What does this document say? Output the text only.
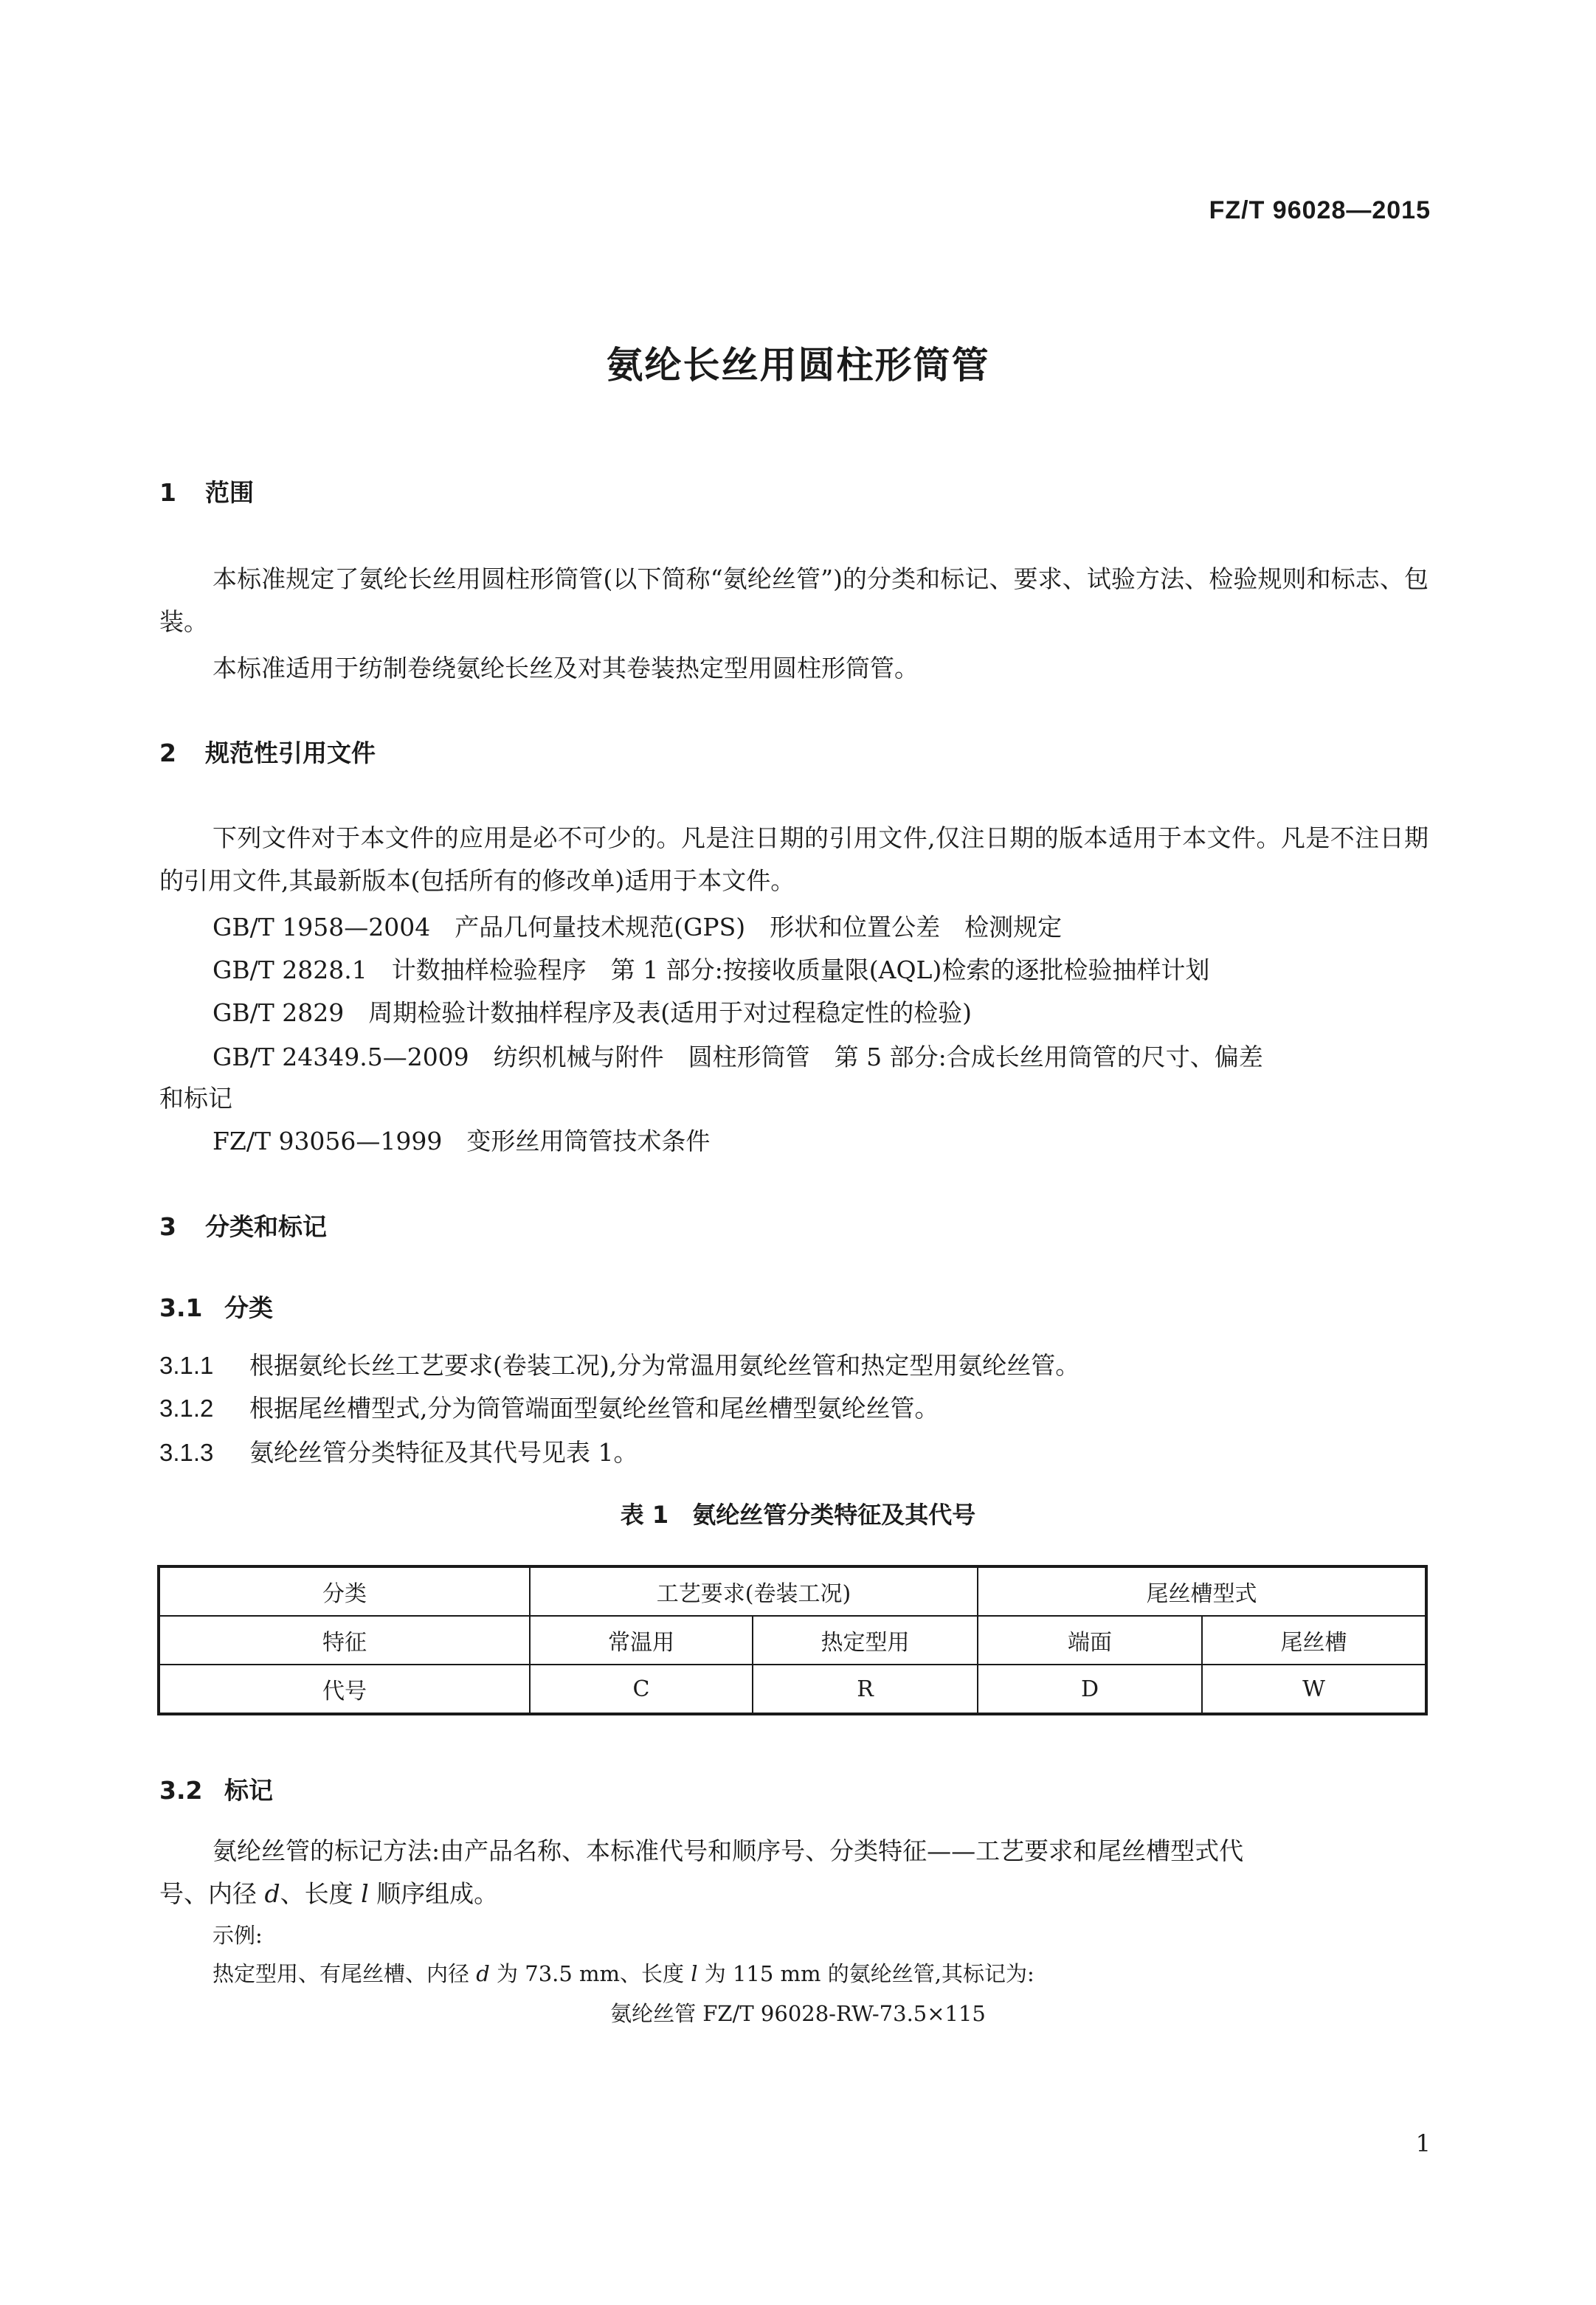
FZ/T 96028—2015
氨纶长丝用圆柱形筒管
1 范围
本标准规定了氨纶长丝用圆柱形筒管(以下简称“氨纶丝管”)的分类和标记、要求、试验方法、检验规则和标志、包装。
本标准适用于纺制卷绕氨纶长丝及对其卷装热定型用圆柱形筒管。
2 规范性引用文件
下列文件对于本文件的应用是必不可少的。凡是注日期的引用文件,仅注日期的版本适用于本文件。凡是不注日期的引用文件,其最新版本(包括所有的修改单)适用于本文件。
GB/T 1958—2004　产品几何量技术规范(GPS)　形状和位置公差　检测规定
GB/T 2828.1　计数抽样检验程序　第 1 部分:按接收质量限(AQL)检索的逐批检验抽样计划
GB/T 2829　周期检验计数抽样程序及表(适用于对过程稳定性的检验)
GB/T 24349.5—2009　纺织机械与附件　圆柱形筒管　第 5 部分:合成长丝用筒管的尺寸、偏差
和标记
FZ/T 93056—1999　变形丝用筒管技术条件
3 分类和标记
3.1 分类
3.1.1 根据氨纶长丝工艺要求(卷装工况),分为常温用氨纶丝管和热定型用氨纶丝管。
3.1.2 根据尾丝槽型式,分为筒管端面型氨纶丝管和尾丝槽型氨纶丝管。
3.1.3 氨纶丝管分类特征及其代号见表 1。
表 1　氨纶丝管分类特征及其代号
分类	工艺要求(卷装工况)		尾丝槽型式	
特征	常温用	热定型用	端面	尾丝槽
代号	C	R	D	W
3.2 标记
氨纶丝管的标记方法:由产品名称、本标准代号和顺序号、分类特征——工艺要求和尾丝槽型式代
号、内径 d、长度 l 顺序组成。
示例:
热定型用、有尾丝槽、内径 d 为 73.5 mm、长度 l 为 115 mm 的氨纶丝管,其标记为:
氨纶丝管 FZ/T 96028-RW-73.5×115
1
